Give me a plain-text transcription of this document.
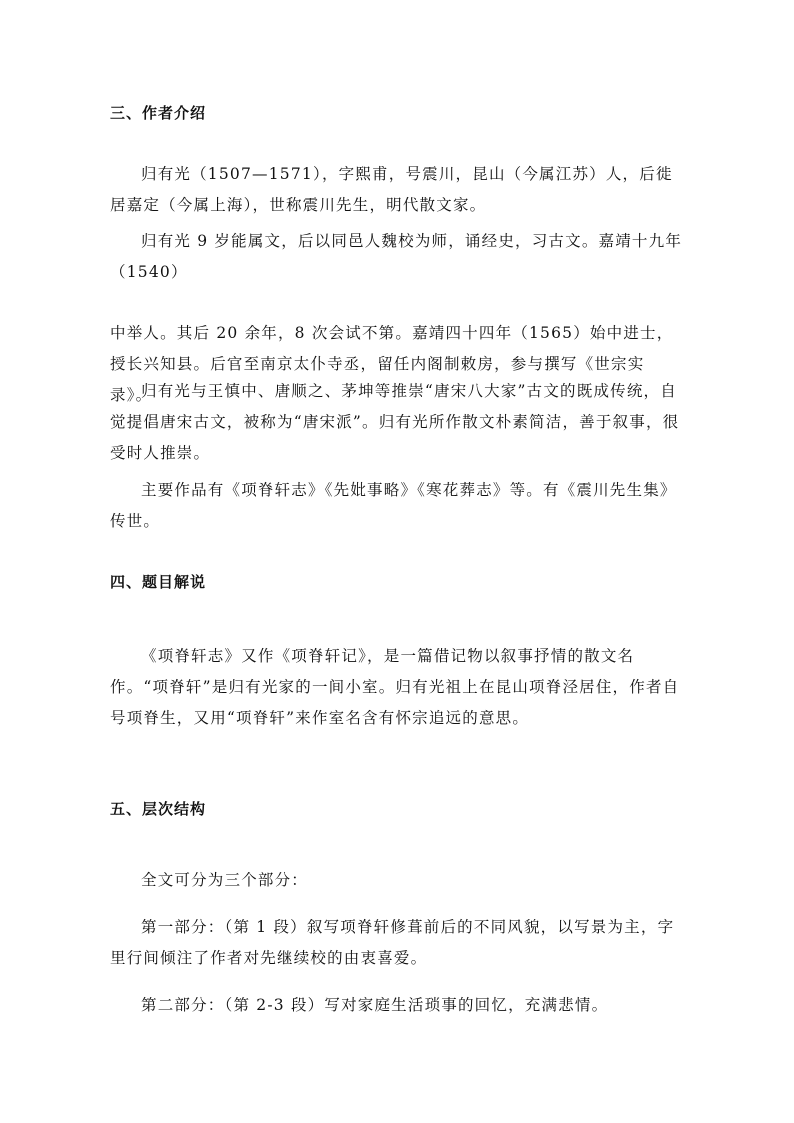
三、作者介绍
归有光（1507—1571），字熙甫，号震川，昆山（今属江苏）人，后徙居嘉定（今属上海），世称震川先生，明代散文家。
归有光 9 岁能属文，后以同邑人魏校为师，诵经史，习古文。嘉靖十九年
（1540）
中举人。其后 20 余年，8 次会试不第。嘉靖四十四年（1565）始中进士，授长兴知县。后官至南京太仆寺丞，留任内阁制敕房，参与撰写《世宗实录》。
归有光与王慎中、唐顺之、茅坤等推崇“唐宋八大家”古文的既成传统，自觉提倡唐宋古文，被称为“唐宋派”。归有光所作散文朴素简洁，善于叙事，很受时人推崇。
主要作品有《项脊轩志》《先妣事略》《寒花葬志》等。有《震川先生集》传世。
四、题目解说
《项脊轩志》又作《项脊轩记》，是一篇借记物以叙事抒情的散文名作。“项脊轩”是归有光家的一间小室。归有光祖上在昆山项脊泾居住，作者自号项脊生，又用“项脊轩”来作室名含有怀宗追远的意思。
五、层次结构
全文可分为三个部分：
第一部分：（第 1 段）叙写项脊轩修葺前后的不同风貌，以写景为主，字里行间倾注了作者对先继续校的由衷喜爱。
第二部分：（第 2-3 段）写对家庭生活琐事的回忆，充满悲情。
